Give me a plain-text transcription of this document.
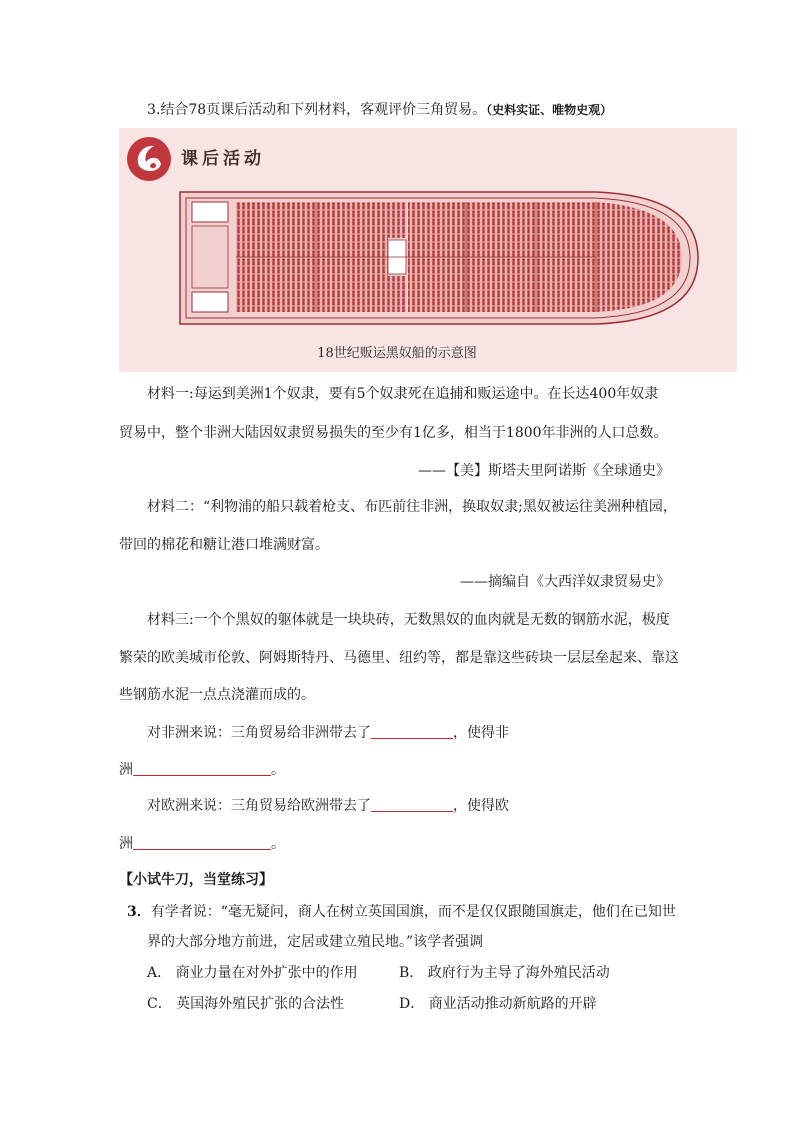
3.结合78页课后活动和下列材料，客观评价三角贸易。（史料实证、唯物史观）
课后活动
18世纪贩运黑奴船的示意图
材料一:每运到美洲1个奴隶，要有5个奴隶死在追捕和贩运途中。在长达400年奴隶
贸易中，整个非洲大陆因奴隶贸易损失的至少有1亿多，相当于1800年非洲的人口总数。
——【美】斯塔夫里阿诺斯《全球通史》
材料二：“利物浦的船只载着枪支、布匹前往非洲，换取奴隶;黑奴被运往美洲种植园，
带回的棉花和糖让港口堆满财富。
——摘编自《大西洋奴隶贸易史》
材料三:一个个黑奴的躯体就是一块块砖，无数黑奴的血肉就是无数的钢筋水泥，极度
繁荣的欧美城市伦敦、阿姆斯特丹、马德里、纽约等，都是靠这些砖块一层层垒起来、靠这
些钢筋水泥一点点浇灌而成的。
对非洲来说：三角贸易给非洲带去了	，使得非
洲	。
对欧洲来说：三角贸易给欧洲带去了	，使得欧
洲	。
【小试牛刀，当堂练习】
3．有学者说：“毫无疑问，商人在树立英国国旗，而不是仅仅跟随国旗走，他们在已知世
界的大部分地方前进，定居或建立殖民地。”该学者强调
A． 商业力量在对外扩张中的作用	B． 政府行为主导了海外殖民活动
C． 英国海外殖民扩张的合法性	D． 商业活动推动新航路的开辟
